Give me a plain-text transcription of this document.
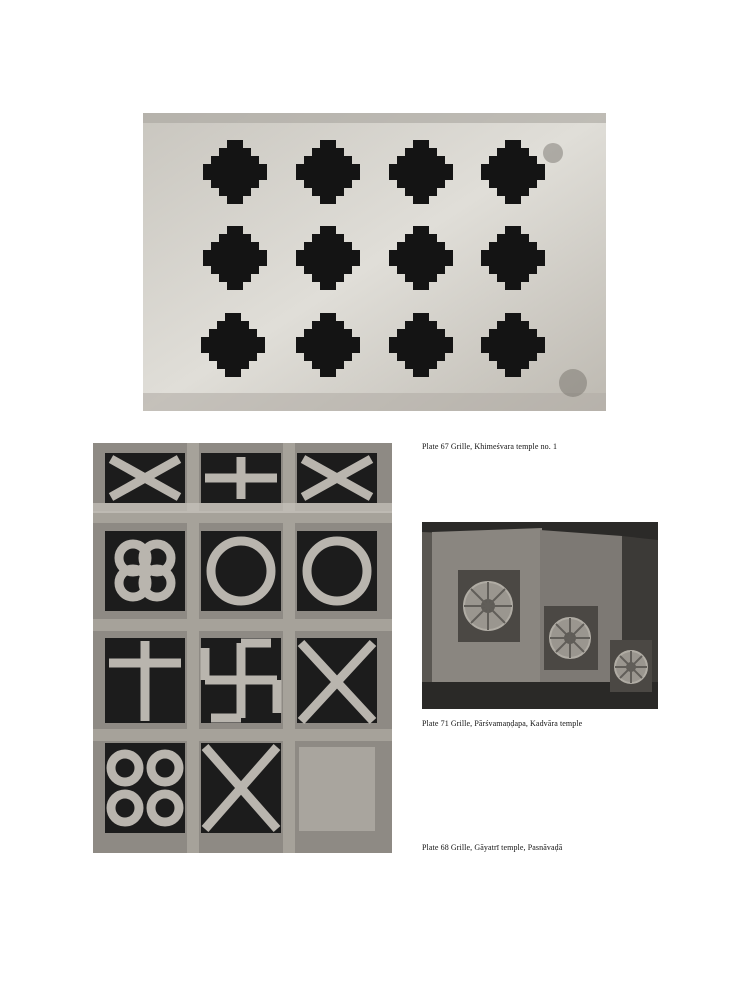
Plate 67 Grille, Khimeśvara temple no. 1
Plate 71 Grille, Pārśvamaṇḍapa, Kadvāra temple
Plate 68 Grille, Gāyatrī temple, Pasnāvaḍā
